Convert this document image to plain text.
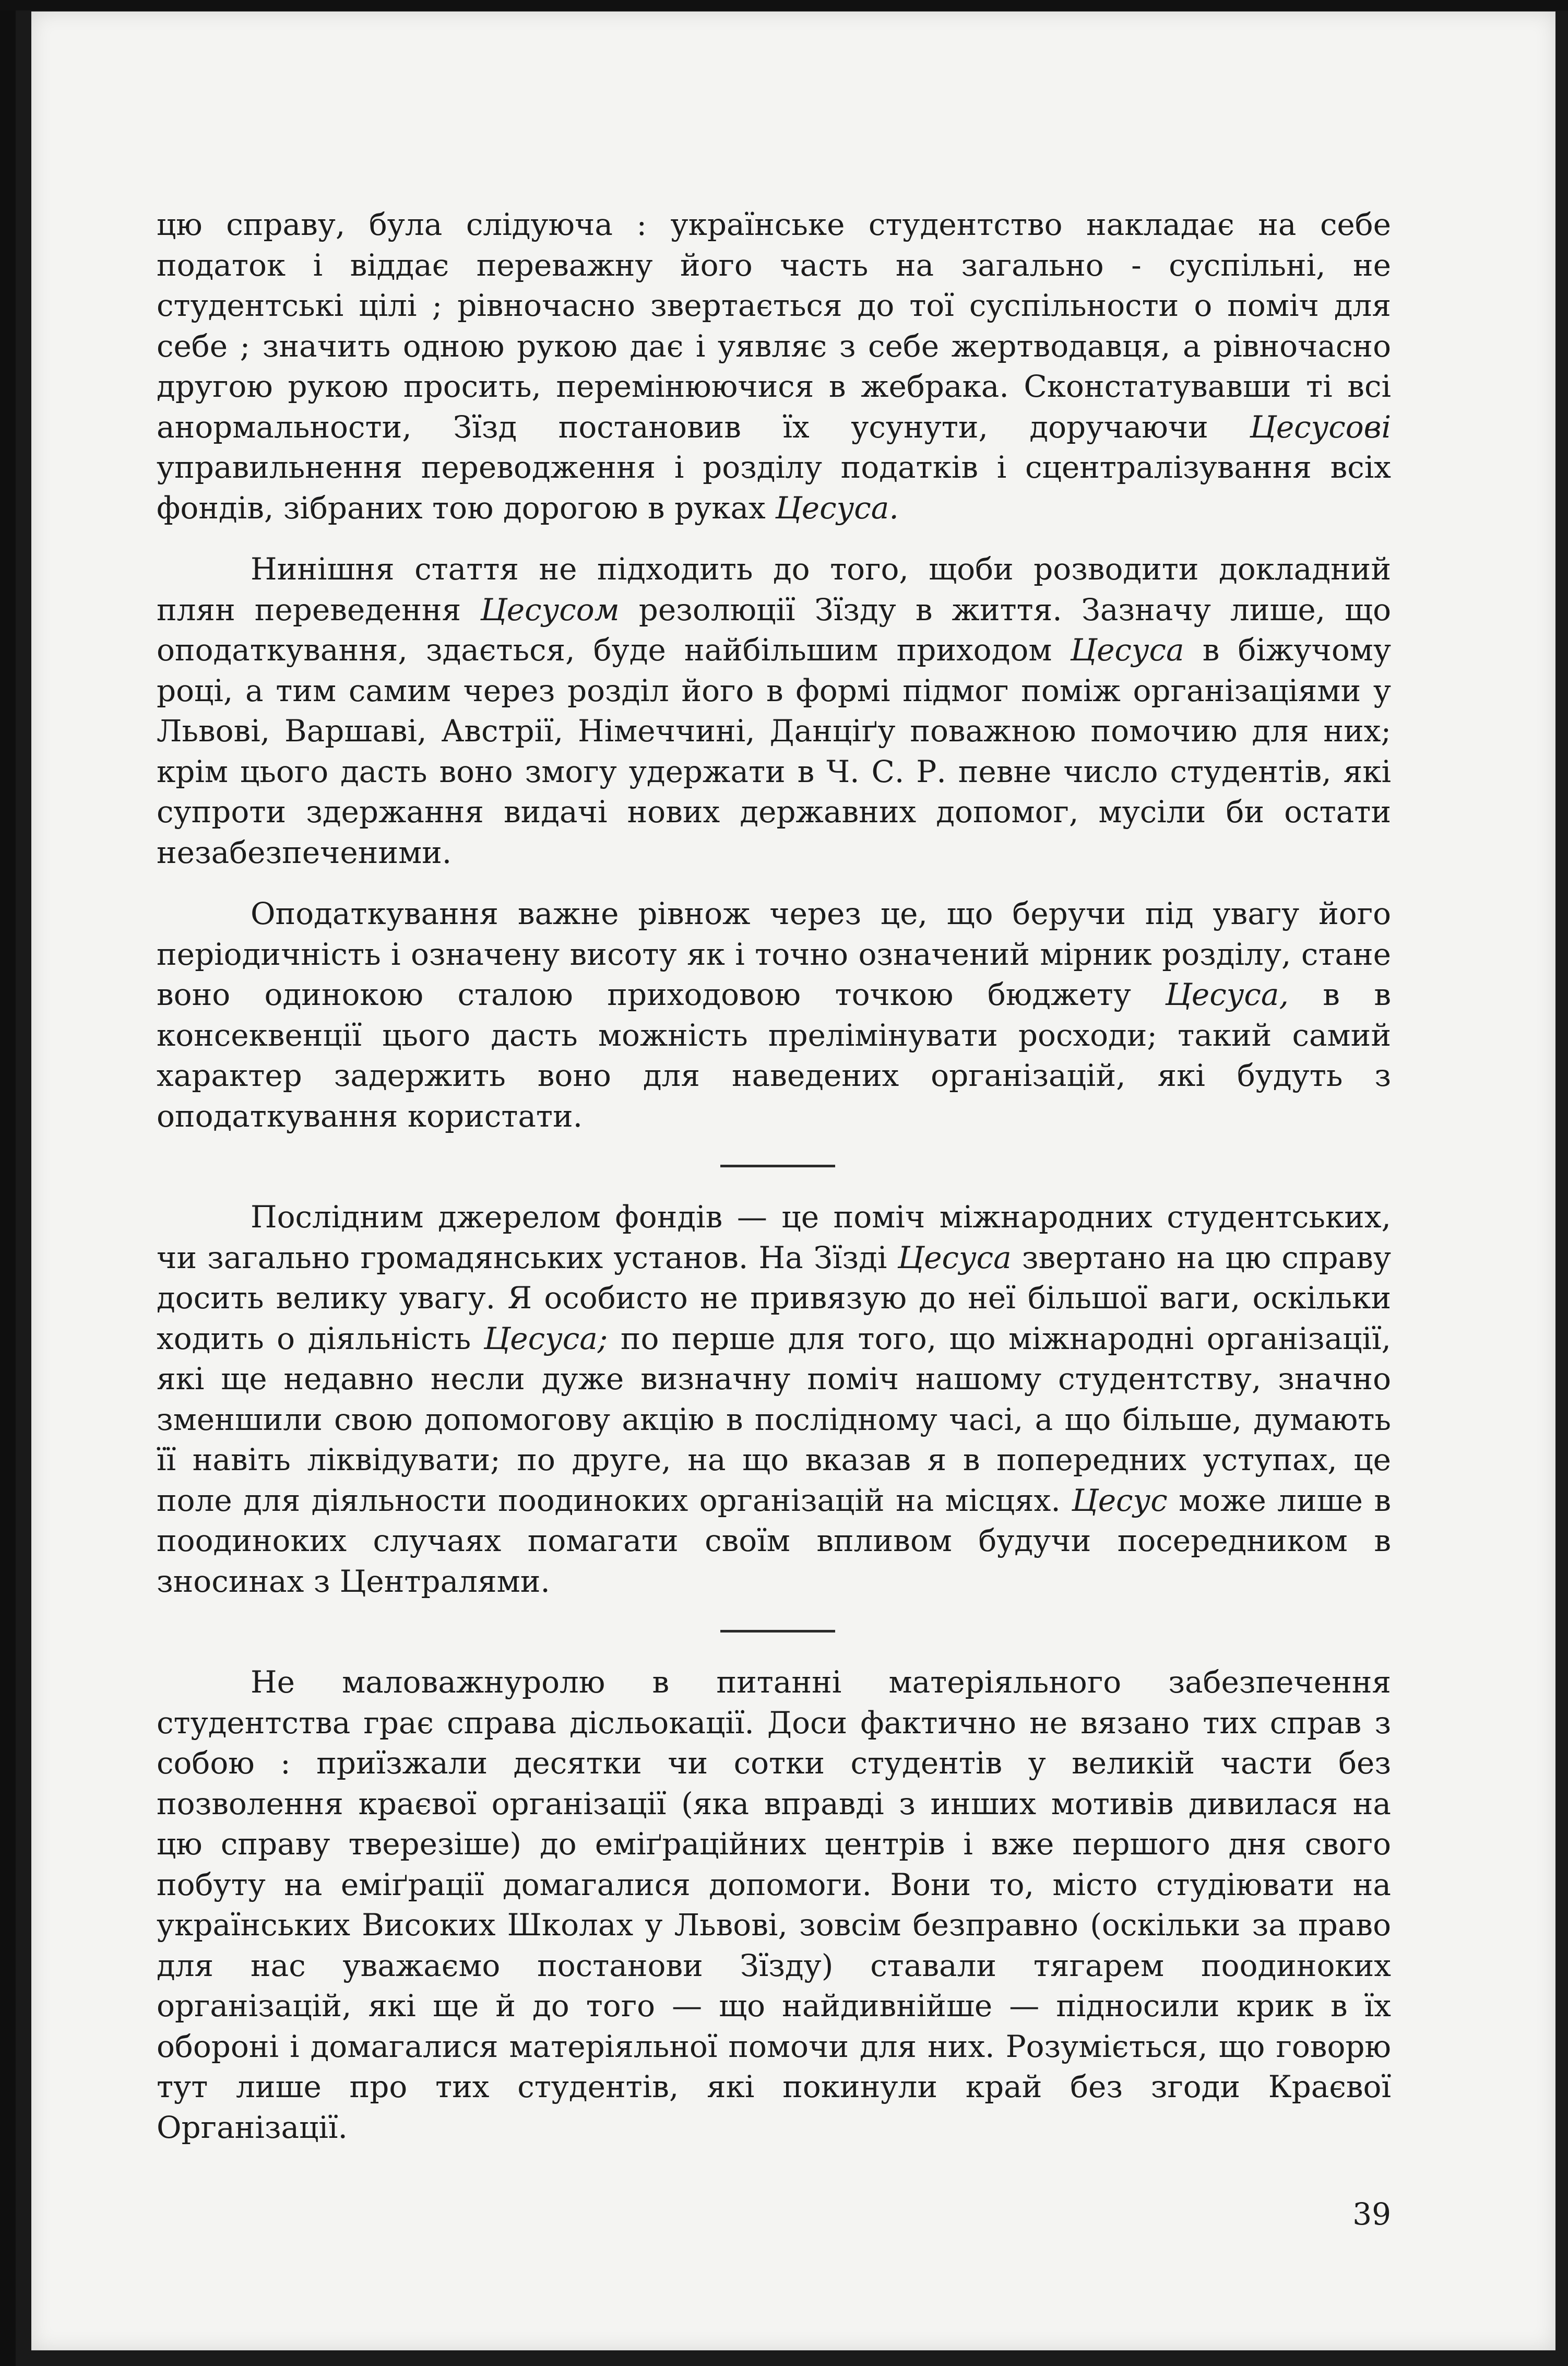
цю справу, була слідуюча : українське студентство накладає на себе податок і віддає переважну його часть на загально - суспільні, не студентські цілі ; рівночасно звертається до тої суспільности о поміч для себе ; значить одною рукою дає і уявляє з себе жертводавця, а рівночасно другою рукою просить, перемінюючися в жебрака. Сконстатувавши ті всі анормальности, Зїзд постановив їх усунути, доручаючи Цесусові управильнення переводження і розділу податків і сцентралізування всіх фондів, зібраних тою дорогою в руках Цесуса.

Нинішня стаття не підходить до того, щоби розводити докладний плян переведення Цесусом резолюції Зїзду в життя. Зазначу лише, що оподаткування, здається, буде найбільшим приходом Цесуса в біжучому році, а тим самим через розділ його в формі підмог поміж організаціями у Львові, Варшаві, Австрії, Німеччині, Данціґу поважною помочию для них; крім цього дасть воно змогу удержати в Ч. С. Р. певне число студентів, які супроти здержання видачі нових державних допомог, мусіли би остати незабезпеченими.

Оподаткування важне рівнож через це, що беручи під увагу його періодичність і означену висоту як і точно означений мірник розділу, стане воно одинокою сталою приходовою точкою бюджету Цесуса, в в консеквенції цього дасть можність прелімінувати росходи; такий самий характер задержить воно для наведених організацій, які будуть з оподаткування користати.

Послідним джерелом фондів — це поміч міжнародних студентських, чи загально громадянських установ. На Зїзді Цесуса звертано на цю справу досить велику увагу. Я особисто не привязую до неї більшої ваги, оскільки ходить о діяльність Цесуса; по перше для того, що міжнародні організації, які ще недавно несли дуже визначну поміч нашому студентству, значно зменшили свою допомогову акцію в послідному часі, а що більше, думають її навіть ліквідувати; по друге, на що вказав я в попередних уступах, це поле для діяльности поодиноких організацій на місцях. Цесус може лише в поодиноких случаях помагати своїм впливом будучи посередником в зносинах з Централями.

Не маловажнуролю в питанні матеріяльного забезпечення студентства грає справа дісльокації. Доси фактично не вязано тих справ з собою : приїзжали десятки чи сотки студентів у великій части без позволення краєвої організації (яка вправді з инших мотивів дивилася на цю справу тверезіше) до еміґраційних центрів і вже першого дня свого побуту на еміґрації домагалися допомоги. Вони то, місто студіювати на українських Високих Школах у Львові, зовсім безправно (оскільки за право для нас уважаємо постанови Зїзду) ставали тягарем поодиноких організацій, які ще й до того — що найдивнійше — підносили крик в їх обороні і домагалися матеріяльної помочи для них. Розуміється, що говорю тут лише про тих студентів, які покинули край без згоди Краєвої Організації.

39
